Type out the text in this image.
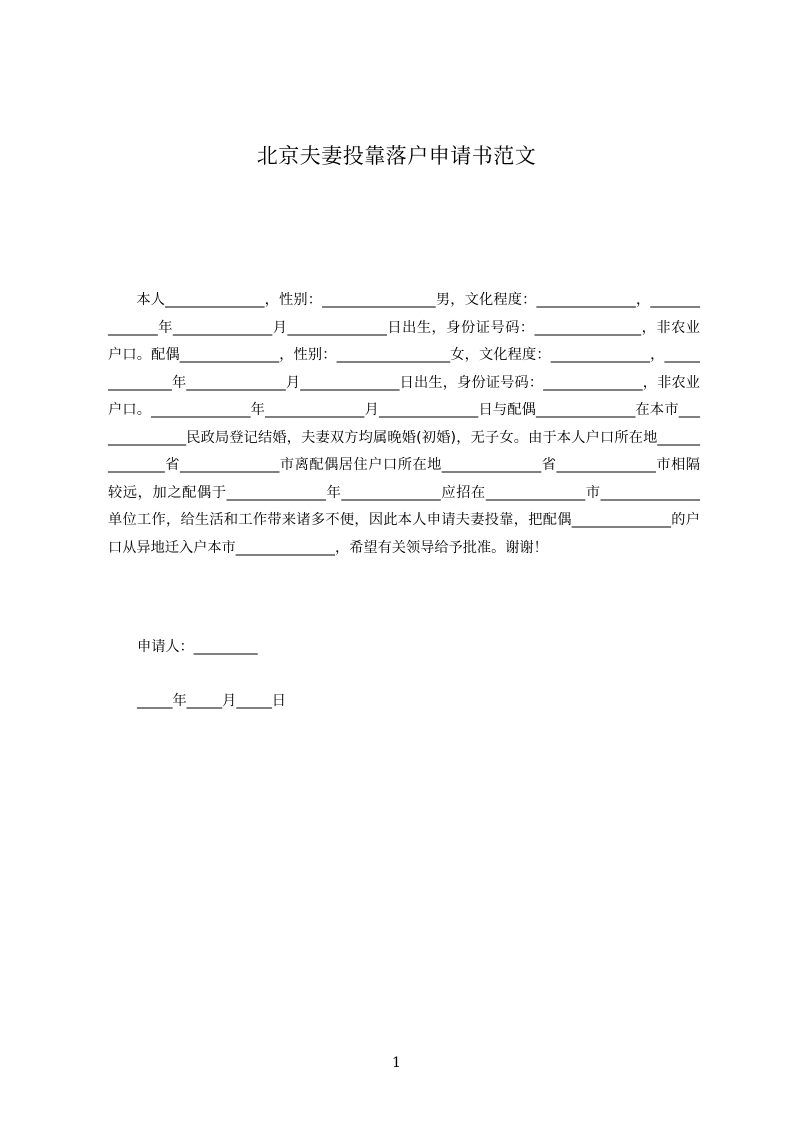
北京夫妻投靠落户申请书范文

本人______________，性别：________________男，文化程度：______________，______________年______________月______________日出生，身份证号码：_______________，非农业户口。配偶______________，性别：________________女，文化程度：______________，______________年______________月______________日出生，身份证号码：______________，非农业户口。______________年______________月______________日与配偶______________在本市______________民政局登记结婚，夫妻双方均属晚婚(初婚)，无子女。由于本人户口所在地______________省______________市离配偶居住户口所在地______________省______________市相隔较远，加之配偶于______________年______________应招在______________市______________单位工作，给生活和工作带来诸多不便，因此本人申请夫妻投靠，把配偶______________的户口从异地迁入户本市______________，希望有关领导给予批准。谢谢！

申请人：_________

_____年_____月_____日

1
